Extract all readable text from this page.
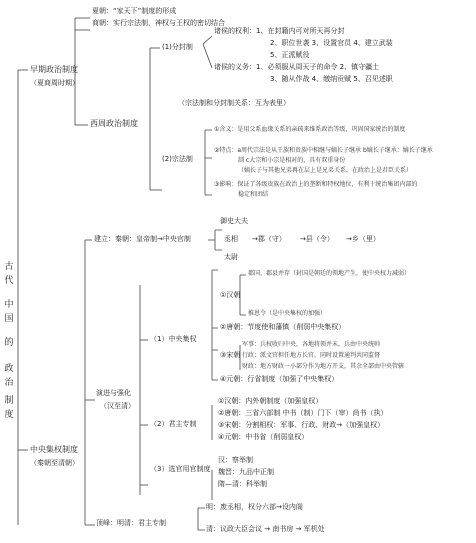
古代
中国
的
政治
制度
早期政治制度
（夏商周时期）
夏朝：“家天下”制度的形成
商朝：实行宗法制，神权与王权的密切结合
西周政治制度
(1)分封制
诸侯的权利：1、在封籍内可对所天再分封
2、职位世袭 3、设置官员 4、建立武装
5、正派赋役
诸侯的义务：1、必须服从周天子的命令 2、镇守疆土
3、随从作战 4、缴纳贡赋 5、召见述职
（宗法制和分封制关系：互为表里）
(2)宗法制
①含义：是用父系血缘关系的亲疏来维系政治等级，巩固国家统治的制度
②特点：a周代宗法是从王族和贵族中相继与嫡长子继承 b嫡长子继承：嫡长子继承
制 c大宗和小宗是相对的，具有双重身份
（嫡长子与其他兄弟再在层上是兄弟关系，在政治上是君臣关系）
③影响：保证了各级贵族在政治上的垄断和特权地位，有利于统治集团内部的
稳定和团结
中央集权制度
（秦朝至清朝）
建立：秦朝：皇帝制→中央官制
御史大夫
丞相
太尉
→郡（守） →县（令） →乡（里）
演进与强化
（汉至清）
（1）中央集权
①汉朝
郡国、郡县并存（封国是朝廷的领地产生，使中央权力减弱）
推恩令（是中央集权的加强）
②唐朝：节度使和藩镇（削弱中央集权）
③宋朝
军事：兵权收归中央，各地将领并未，兵由中央统帅
行政：派文官担任地方长官，同时设置通判共同监督
财政：地方财政一小部分作为地方开支，其余全部由中央管辖
④元朝：行省制度（加强了中央集权）
（2）君主专制
①汉朝：内外朝制度（加强皇权）
②唐朝：三省六部制 中书（制）门下（审）尚书（执）
③宋朝：分割相权：军事、行政、财政→（加强皇权）
④元朝：中书省（削弱皇权）
（3）选官用官制度
汉：察举制
魏晋：九品中正制
隋—清：科举制
顶峰：明清：君主专制
明：废丞相，权分六部→设内阁
清：议政大臣会议 → 南书房 → 军机处
